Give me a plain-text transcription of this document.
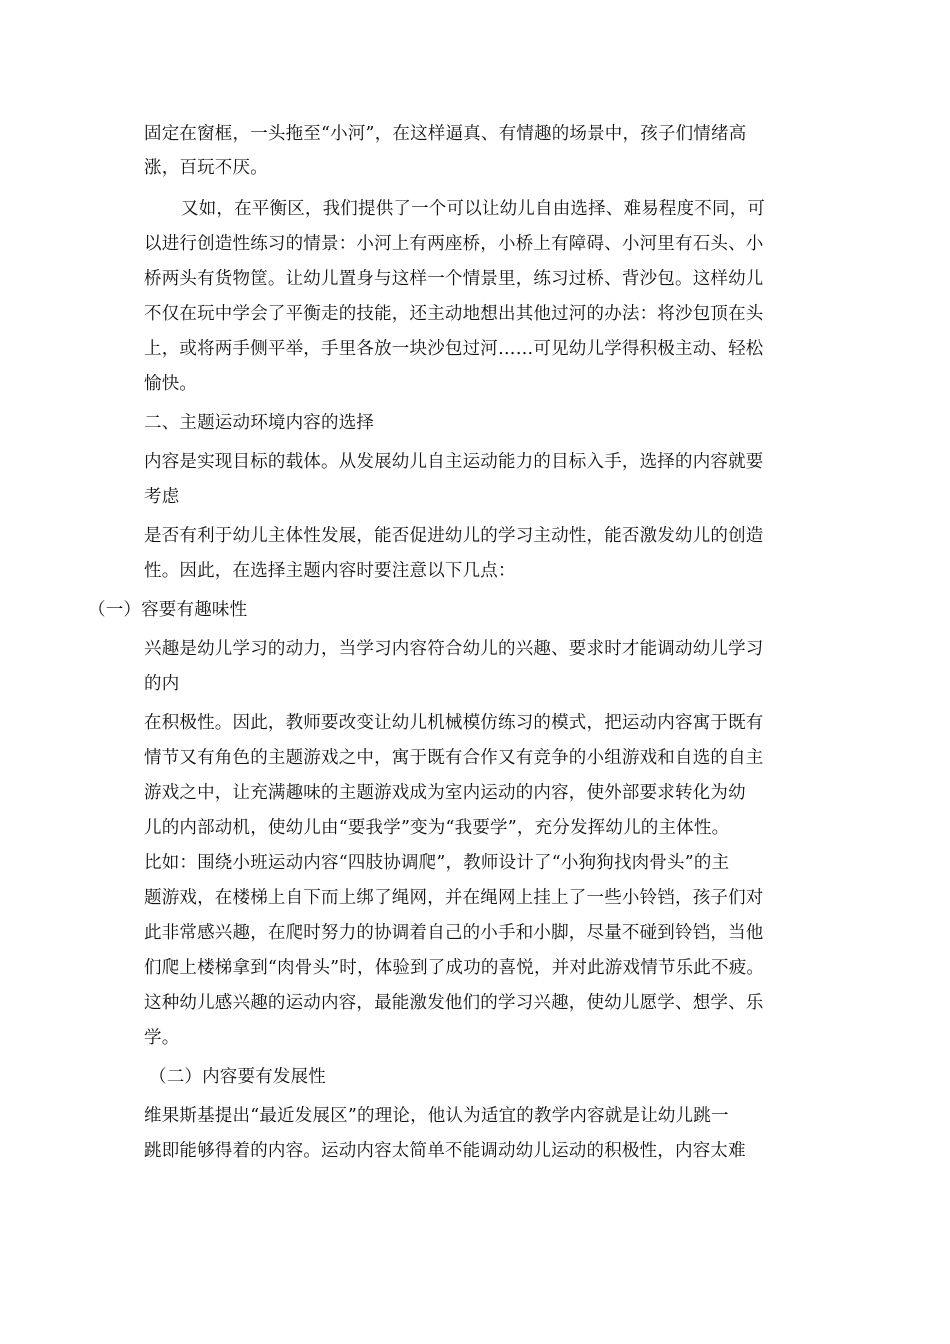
固定在窗框，一头拖至“小河”，在这样逼真、有情趣的场景中，孩子们情绪高
涨，百玩不厌。
又如，在平衡区，我们提供了一个可以让幼儿自由选择、难易程度不同，可
以进行创造性练习的情景：小河上有两座桥，小桥上有障碍、小河里有石头、小
桥两头有货物筐。让幼儿置身与这样一个情景里，练习过桥、背沙包。这样幼儿
不仅在玩中学会了平衡走的技能，还主动地想出其他过河的办法：将沙包顶在头
上，或将两手侧平举，手里各放一块沙包过河……可见幼儿学得积极主动、轻松
愉快。
二、主题运动环境内容的选择
内容是实现目标的载体。从发展幼儿自主运动能力的目标入手，选择的内容就要
考虑
是否有利于幼儿主体性发展，能否促进幼儿的学习主动性，能否激发幼儿的创造
性。因此，在选择主题内容时要注意以下几点：
（一）容要有趣味性
兴趣是幼儿学习的动力，当学习内容符合幼儿的兴趣、要求时才能调动幼儿学习
的内
在积极性。因此，教师要改变让幼儿机械模仿练习的模式，把运动内容寓于既有
情节又有角色的主题游戏之中，寓于既有合作又有竞争的小组游戏和自选的自主
游戏之中，让充满趣味的主题游戏成为室内运动的内容，使外部要求转化为幼
儿的内部动机，使幼儿由“要我学”变为“我要学”，充分发挥幼儿的主体性。
比如：围绕小班运动内容“四肢协调爬”，教师设计了“小狗狗找肉骨头”的主
题游戏，在楼梯上自下而上绑了绳网，并在绳网上挂上了一些小铃铛，孩子们对
此非常感兴趣，在爬时努力的协调着自己的小手和小脚，尽量不碰到铃铛，当他
们爬上楼梯拿到“肉骨头”时，体验到了成功的喜悦，并对此游戏情节乐此不疲。
这种幼儿感兴趣的运动内容，最能激发他们的学习兴趣，使幼儿愿学、想学、乐
学。
（二）内容要有发展性
维果斯基提出“最近发展区”的理论，他认为适宜的教学内容就是让幼儿跳一
跳即能够得着的内容。运动内容太简单不能调动幼儿运动的积极性，内容太难
